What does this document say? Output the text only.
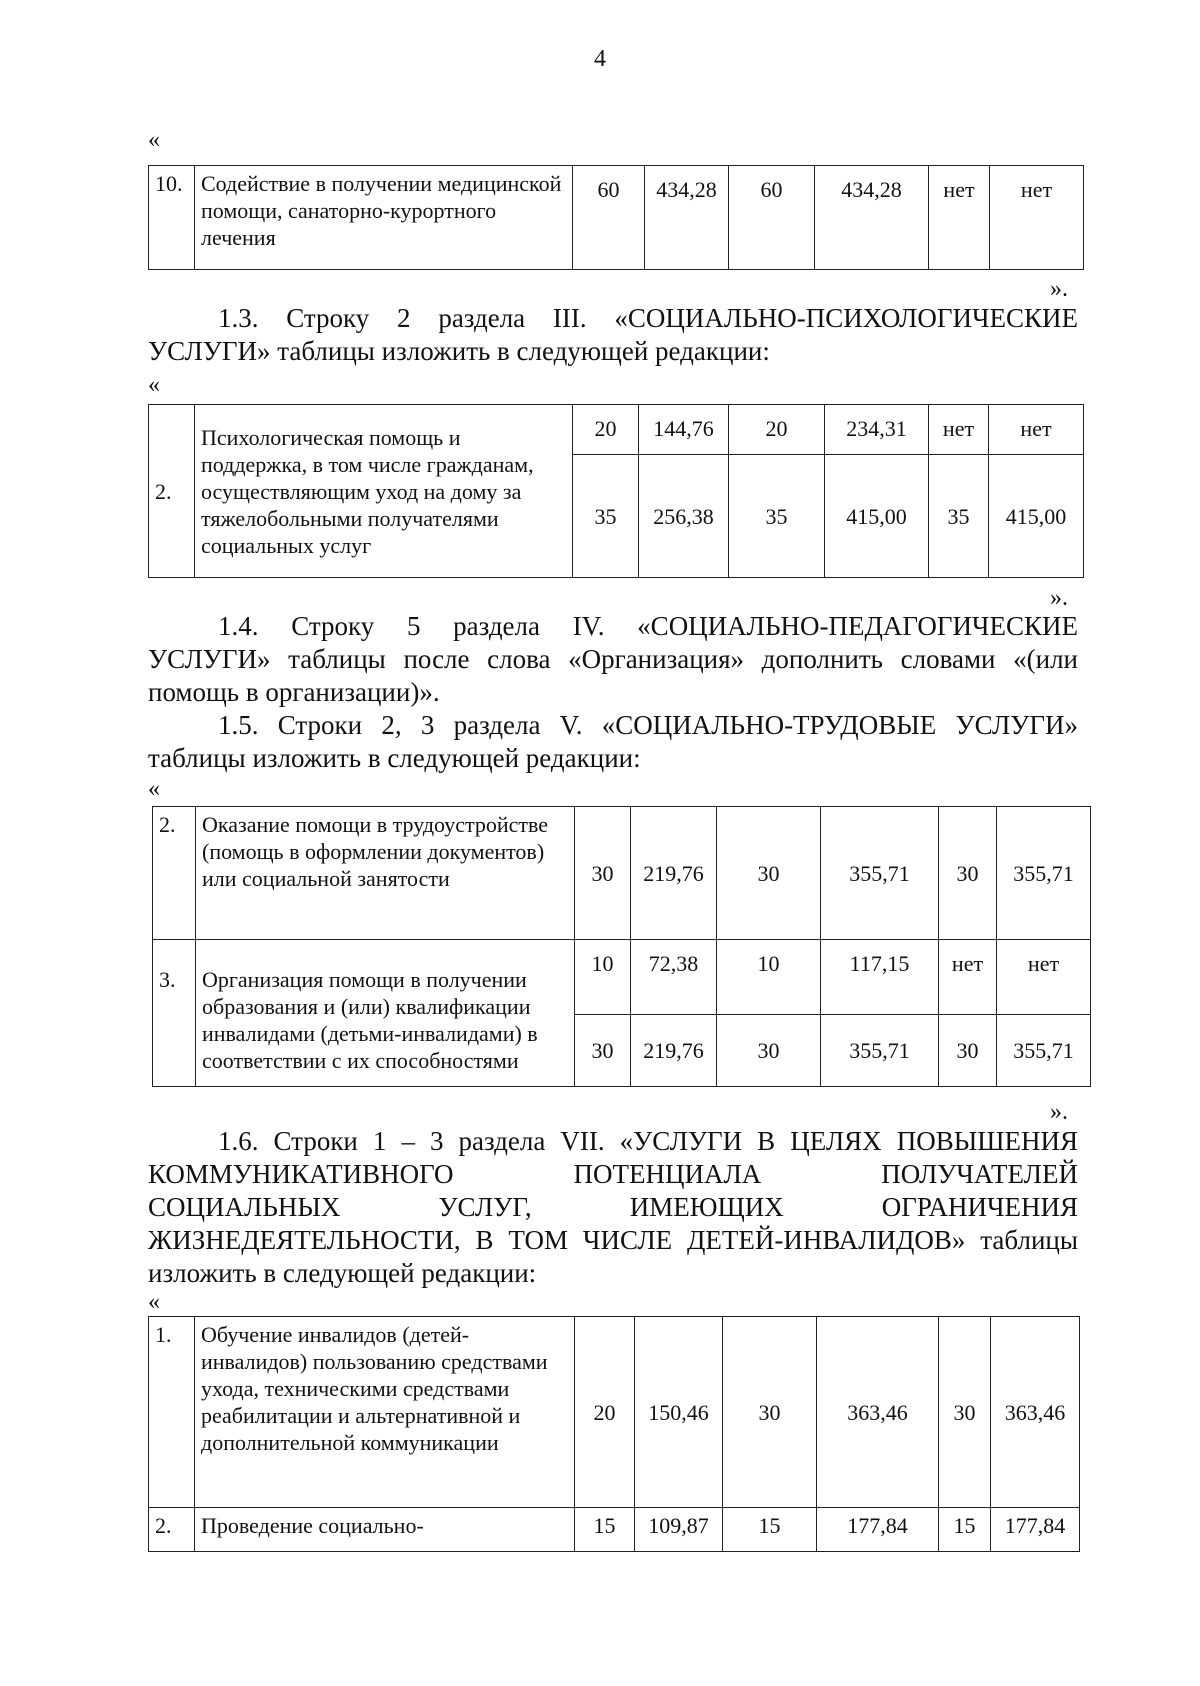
4
«
10.	Содействие в получении медицинской помощи, санаторно-курортного лечения	60	434,28	60	434,28	нет	нет
».
1.3. Строку 2 раздела III. «СОЦИАЛЬНО-ПСИХОЛОГИЧЕСКИЕ
УСЛУГИ» таблицы изложить в следующей редакции:
«
2.	Психологическая помощь и поддержка, в том числе гражданам, осуществляющим уход на дому за тяжелобольными получателями социальных услуг	20	144,76	20	234,31	нет	нет
		35	256,38	35	415,00	35	415,00
».
1.4. Строку 5 раздела IV. «СОЦИАЛЬНО-ПЕДАГОГИЧЕСКИЕ
УСЛУГИ» таблицы после слова «Организация» дополнить словами «(или
помощь в организации)».
1.5. Строки 2, 3 раздела V. «СОЦИАЛЬНО-ТРУДОВЫЕ УСЛУГИ»
таблицы изложить в следующей редакции:
«
2.	Оказание помощи в трудоустройстве (помощь в оформлении документов) или социальной занятости	30	219,76	30	355,71	30	355,71
3.	Организация помощи в получении образования и (или) квалификации инвалидами (детьми-инвалидами) в соответствии с их способностями	10	72,38	10	117,15	нет	нет
		30	219,76	30	355,71	30	355,71
».
1.6. Строки 1 – 3 раздела VII. «УСЛУГИ В ЦЕЛЯХ ПОВЫШЕНИЯ
КОММУНИКАТИВНОГО ПОТЕНЦИАЛА ПОЛУЧАТЕЛЕЙ
СОЦИАЛЬНЫХ УСЛУГ, ИМЕЮЩИХ ОГРАНИЧЕНИЯ
ЖИЗНЕДЕЯТЕЛЬНОСТИ, В ТОМ ЧИСЛЕ ДЕТЕЙ-ИНВАЛИДОВ» таблицы
изложить в следующей редакции:
«
1.	Обучение инвалидов (детей-инвалидов) пользованию средствами ухода, техническими средствами реабилитации и альтернативной и дополнительной коммуникации	20	150,46	30	363,46	30	363,46
2.	Проведение социально-	15	109,87	15	177,84	15	177,84
